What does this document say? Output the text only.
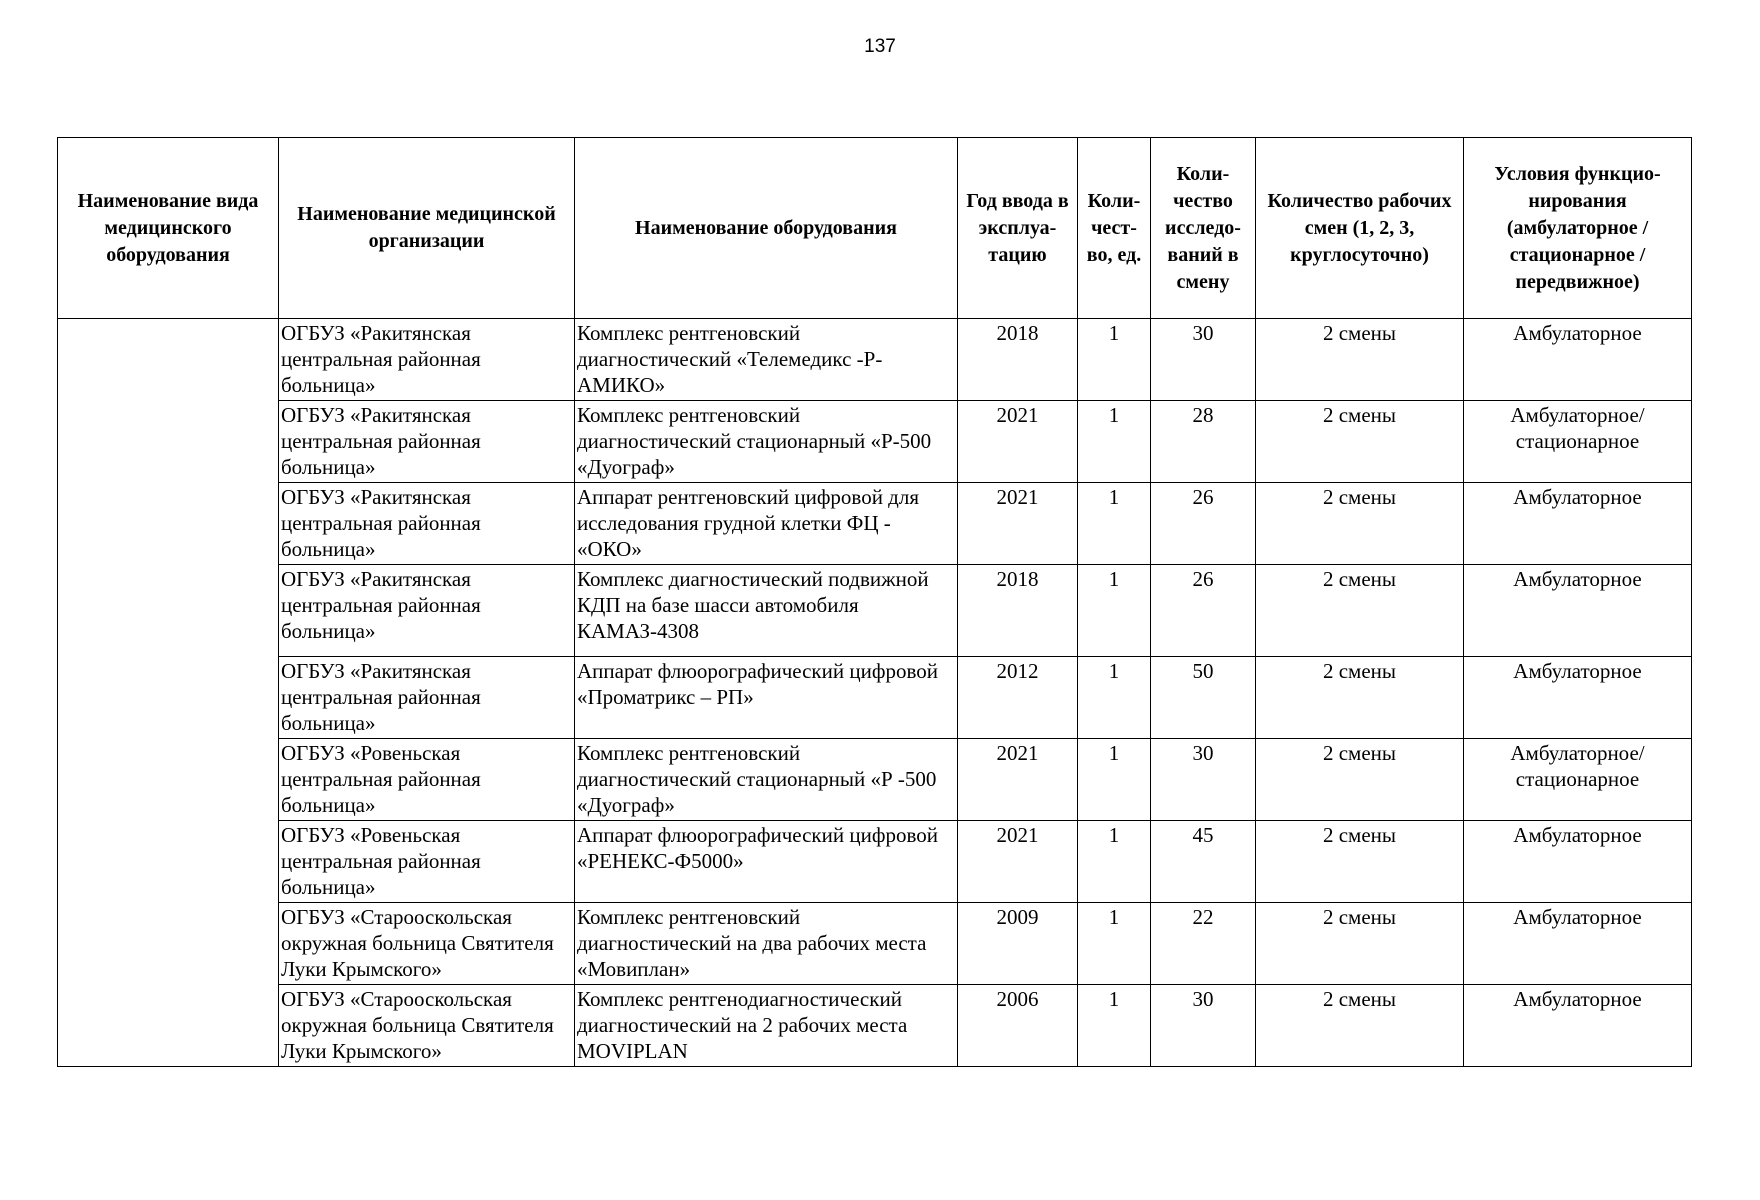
137
Наименование вида медицинского оборудования	Наименование медицинской организации	Наименование оборудования	Год ввода в эксплуа-тацию	Коли-чест-во, ед.	Коли-чество исследо-ваний в смену	Количество рабочих смен (1, 2, 3, круглосуточно)	Условия функцио-нирования (амбулаторное / стационарное / передвижное)
	ОГБУЗ «Ракитянская центральная районная больница»	Комплекс рентгеновский диагностический «Телемедикс -Р-АМИКО»	2018	1	30	2 смены	Амбулаторное
	ОГБУЗ «Ракитянская центральная районная больница»	Комплекс рентгеновский диагностический стационарный «Р-500 «Дуограф»	2021	1	28	2 смены	Амбулаторное/
стационарное
	ОГБУЗ «Ракитянская центральная районная больница»	Аппарат рентгеновский цифровой для исследования грудной клетки ФЦ - «ОКО»	2021	1	26	2 смены	Амбулаторное
	ОГБУЗ «Ракитянская центральная районная больница»	Комплекс диагностический подвижной КДП на базе шасси автомобиля КАМАЗ-4308	2018	1	26	2 смены	Амбулаторное
	ОГБУЗ «Ракитянская центральная районная больница»	Аппарат флюорографический цифровой «Проматрикс – РП»	2012	1	50	2 смены	Амбулаторное
	ОГБУЗ «Ровеньская центральная районная больница»	Комплекс рентгеновский диагностический стационарный «Р -500 «Дуограф»	2021	1	30	2 смены	Амбулаторное/
стационарное
	ОГБУЗ «Ровеньская центральная районная больница»	Аппарат флюорографический цифровой «РЕНЕКС-Ф5000»	2021	1	45	2 смены	Амбулаторное
	ОГБУЗ «Старооскольская окружная больница Святителя Луки Крымского»	Комплекс рентгеновский диагностический на два рабочих места «Мовиплан»	2009	1	22	2 смены	Амбулаторное
	ОГБУЗ «Старооскольская окружная больница Святителя Луки Крымского»	Комплекс рентгенодиагностический диагностический на 2 рабочих места MOVIPLAN	2006	1	30	2 смены	Амбулаторное
